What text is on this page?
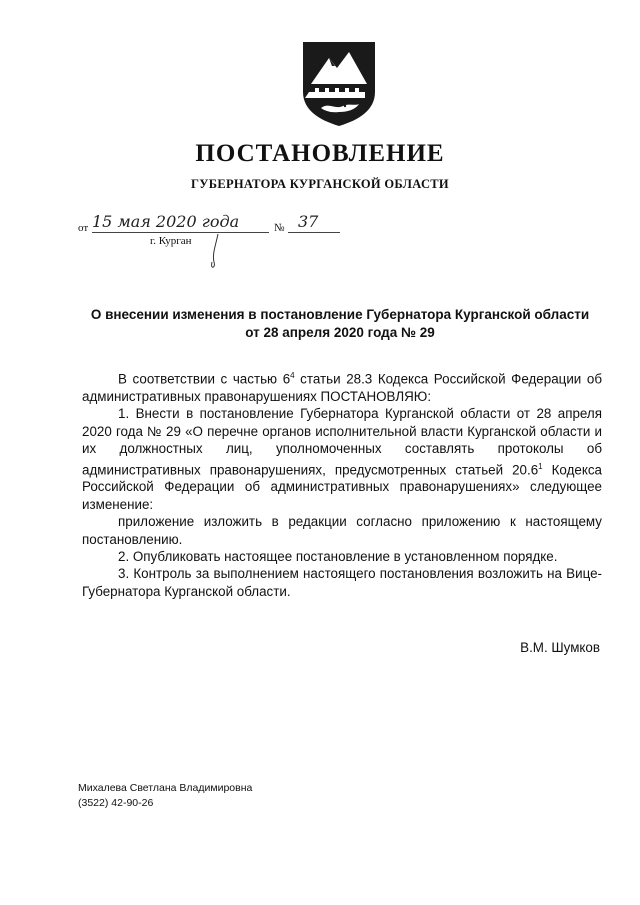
ПОСТАНОВЛЕНИЕ
ГУБЕРНАТОРА КУРГАНСКОЙ ОБЛАСТИ
от 15 мая 2020 года	№ 37
г. Курган
О внесении изменения в постановление Губернатора Курганской области
от 28 апреля 2020 года № 29

В соответствии с частью $6^4$ статьи 28.3 Кодекса Российской Федерации об административных правонарушениях ПОСТАНОВЛЯЮ:

1. Внести в постановление Губернатора Курганской области от 28 апреля 2020 года № 29 «О перечне органов исполнительной власти Курганской области и их должностных лиц, уполномоченных составлять протоколы об административных правонарушениях, предусмотренных статьей 20.6$^1$ Кодекса Российской Федерации об административных правонарушениях» следующее изменение:

приложение изложить в редакции согласно приложению к настоящему постановлению.

2. Опубликовать настоящее постановление в установленном порядке.

3. Контроль за выполнением настоящего постановления возложить на Вице-Губернатора Курганской области.

В.М. Шумков
Михалева Светлана Владимировна
(3522) 42-90-26
